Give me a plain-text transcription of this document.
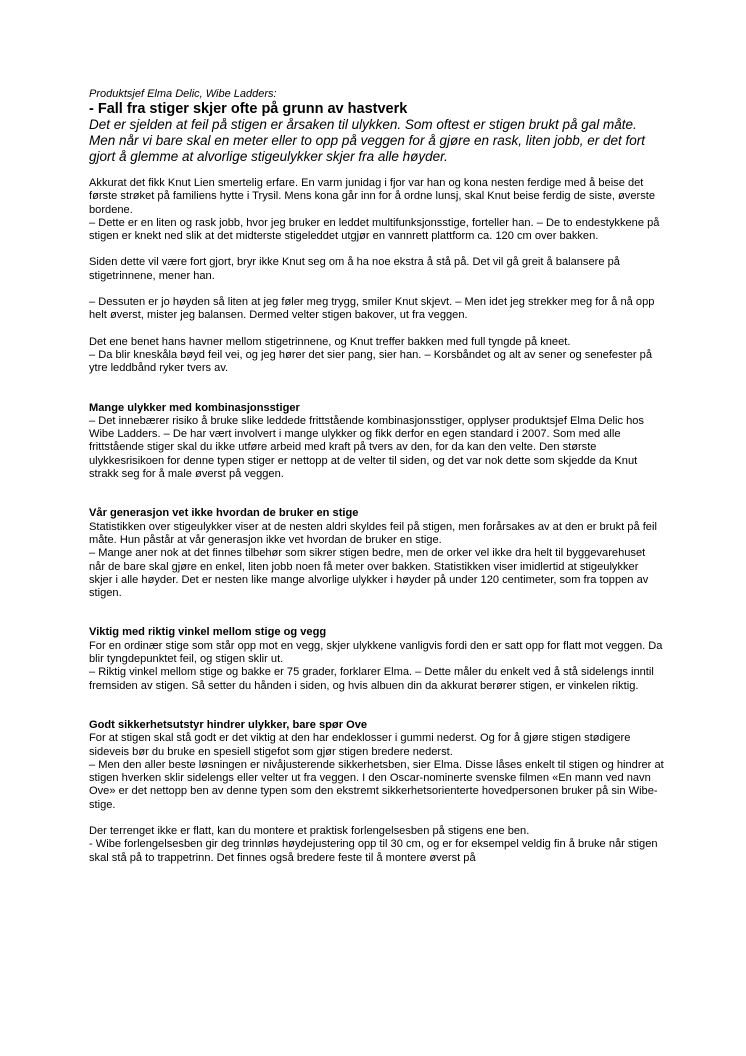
Produktsjef Elma Delic, Wibe Ladders:

- Fall fra stiger skjer ofte på grunn av hastverk

Det er sjelden at feil på stigen er årsaken til ulykken. Som oftest er stigen brukt på gal måte. Men når vi bare skal en meter eller to opp på veggen for å gjøre en rask, liten jobb, er det fort gjort å glemme at alvorlige stigeulykker skjer fra alle høyder.

Akkurat det fikk Knut Lien smertelig erfare. En varm junidag i fjor var han og kona nesten ferdige med å beise det første strøket på familiens hytte i Trysil. Mens kona går inn for å ordne lunsj, skal Knut beise ferdig de siste, øverste bordene.
– Dette er en liten og rask jobb, hvor jeg bruker en leddet multifunksjonsstige, forteller han. – De to endestykkene på stigen er knekt ned slik at det midterste stigeleddet utgjør en vannrett plattform ca. 120 cm over bakken.

Siden dette vil være fort gjort, bryr ikke Knut seg om å ha noe ekstra å stå på. Det vil gå greit å balansere på stigetrinnene, mener han.

– Dessuten er jo høyden så liten at jeg føler meg trygg, smiler Knut skjevt. – Men idet jeg strekker meg for å nå opp helt øverst, mister jeg balansen. Dermed velter stigen bakover, ut fra veggen.

Det ene benet hans havner mellom stigetrinnene, og Knut treffer bakken med full tyngde på kneet.
– Da blir kneskåla bøyd feil vei, og jeg hører det sier pang, sier han. – Korsbåndet og alt av sener og senefester på ytre leddbånd ryker tvers av.

Mange ulykker med kombinasjonsstiger

– Det innebærer risiko å bruke slike leddede frittstående kombinasjonsstiger, opplyser produktsjef Elma Delic hos Wibe Ladders. – De har vært involvert i mange ulykker og fikk derfor en egen standard i 2007. Som med alle frittstående stiger skal du ikke utføre arbeid med kraft på tvers av den, for da kan den velte. Den største ulykkesrisikoen for denne typen stiger er nettopp at de velter til siden, og det var nok dette som skjedde da Knut strakk seg for å male øverst på veggen.

Vår generasjon vet ikke hvordan de bruker en stige

Statistikken over stigeulykker viser at de nesten aldri skyldes feil på stigen, men forårsakes av at den er brukt på feil måte. Hun påstår at vår generasjon ikke vet hvordan de bruker en stige.
– Mange aner nok at det finnes tilbehør som sikrer stigen bedre, men de orker vel ikke dra helt til byggevarehuset når de bare skal gjøre en enkel, liten jobb noen få meter over bakken. Statistikken viser imidlertid at stigeulykker skjer i alle høyder. Det er nesten like mange alvorlige ulykker i høyder på under 120 centimeter, som fra toppen av stigen.

Viktig med riktig vinkel mellom stige og vegg

For en ordinær stige som står opp mot en vegg, skjer ulykkene vanligvis fordi den er satt opp for flatt mot veggen. Da blir tyngdepunktet feil, og stigen sklir ut.
– Riktig vinkel mellom stige og bakke er 75 grader, forklarer Elma. – Dette måler du enkelt ved å stå sidelengs inntil fremsiden av stigen. Så setter du hånden i siden, og hvis albuen din da akkurat berører stigen, er vinkelen riktig.

Godt sikkerhetsutstyr hindrer ulykker, bare spør Ove

For at stigen skal stå godt er det viktig at den har endeklosser i gummi nederst. Og for å gjøre stigen stødigere sideveis bør du bruke en spesiell stigefot som gjør stigen bredere nederst.
– Men den aller beste løsningen er nivåjusterende sikkerhetsben, sier Elma. Disse låses enkelt til stigen og hindrer at stigen hverken sklir sidelengs eller velter ut fra veggen. I den Oscar-nominerte svenske filmen «En mann ved navn Ove» er det nettopp ben av denne typen som den ekstremt sikkerhetsorienterte hovedpersonen bruker på sin Wibe-stige.

Der terrenget ikke er flatt, kan du montere et praktisk forlengelsesben på stigens ene ben.
- Wibe forlengelsesben gir deg trinnløs høydejustering opp til 30 cm, og er for eksempel veldig fin å bruke når stigen skal stå på to trappetrinn. Det finnes også bredere feste til å montere øverst på
